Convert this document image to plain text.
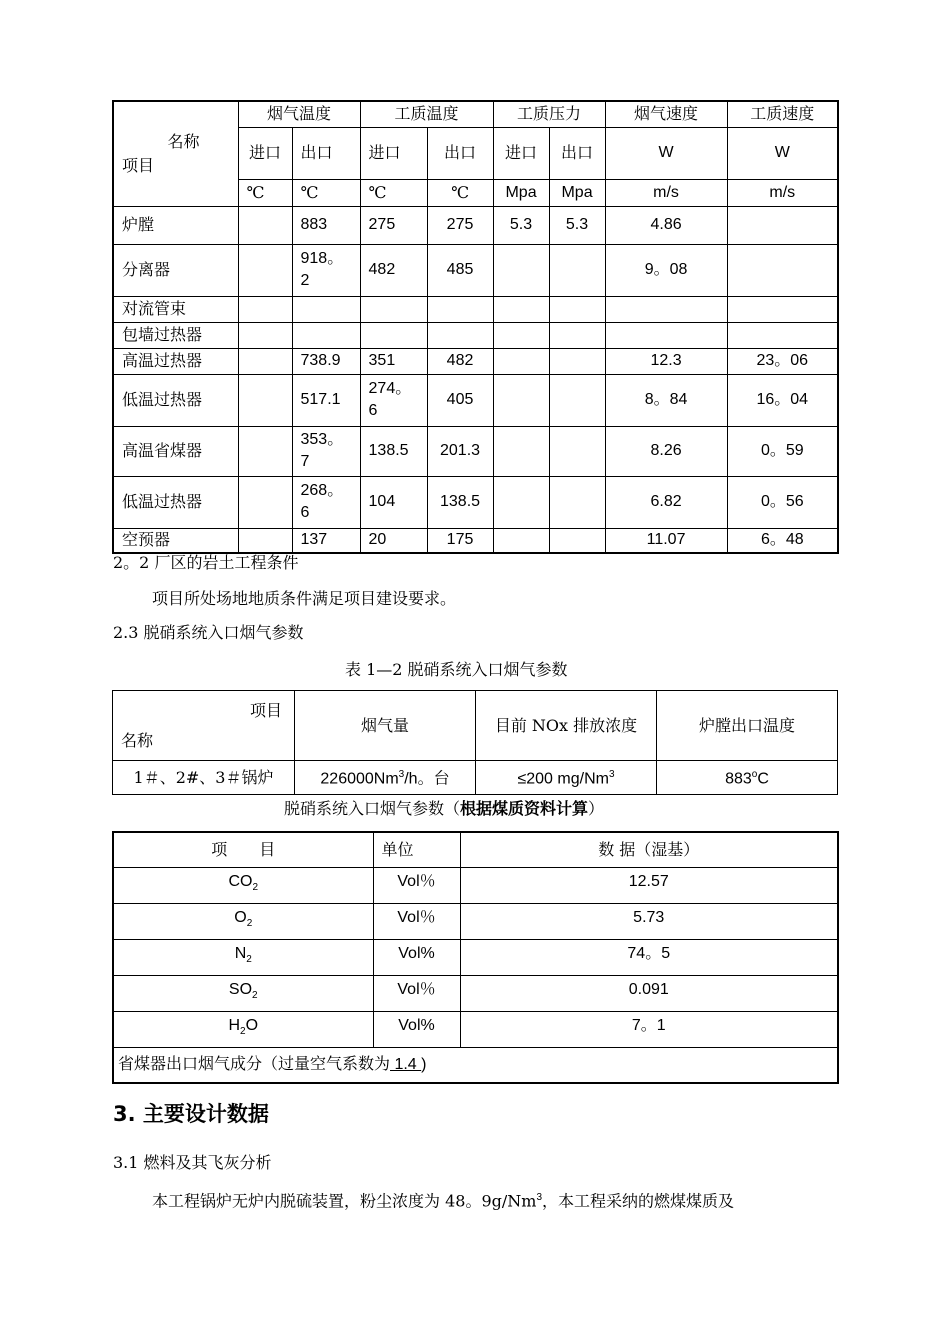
名称
项目	烟气温度		工质温度		工质压力		烟气速度	工质速度
	进口	出口	进口	出口	进口	出口	W	W
	℃	℃	℃	℃	Mpa	Mpa	m/s	m/s
炉膛		883	275	275	5.3	5.3	4.86	
分离器		918。2	482	485			9。08	
对流管束								
包墙过热器								
高温过热器		738.9	351	482			12.3	23。06
低温过热器		517.1	274。6	405			8。84	16。04
高温省煤器		353。7	138.5	201.3			8.26	0。59
低温过热器		268。6	104	138.5			6.82	0。56
空预器		137	20	175			11.07	6。48
2。2 厂区的岩土工程条件
项目所处场地地质条件满足项目建设要求。
2.3 脱硝系统入口烟气参数
表 1—2 脱硝系统入口烟气参数
项目
名称	烟气量	目前 NOx 排放浓度	炉膛出口温度
1＃、2#、3＃锅炉	226000Nm$^3$/h。台	≤200 mg/Nm$^3$	883$^o$C
脱硝系统入口烟气参数（根据煤质资料计算）
项　　目	单位	数 据（湿基）
$CO_2$	Vol％	12.57
$O_2$	Vol％	5.73
$N_2$	Vol%	74。5
$SO_2$	Vol％	0.091
$H_2O$	Vol%	7。1
省煤器出口烟气成分（过量空气系数为 1.4 )		
3. 主要设计数据
3.1 燃料及其飞灰分析
本工程锅炉无炉内脱硫装置，粉尘浓度为 48。9g/Nm$^3$，本工程采纳的燃煤煤质及
